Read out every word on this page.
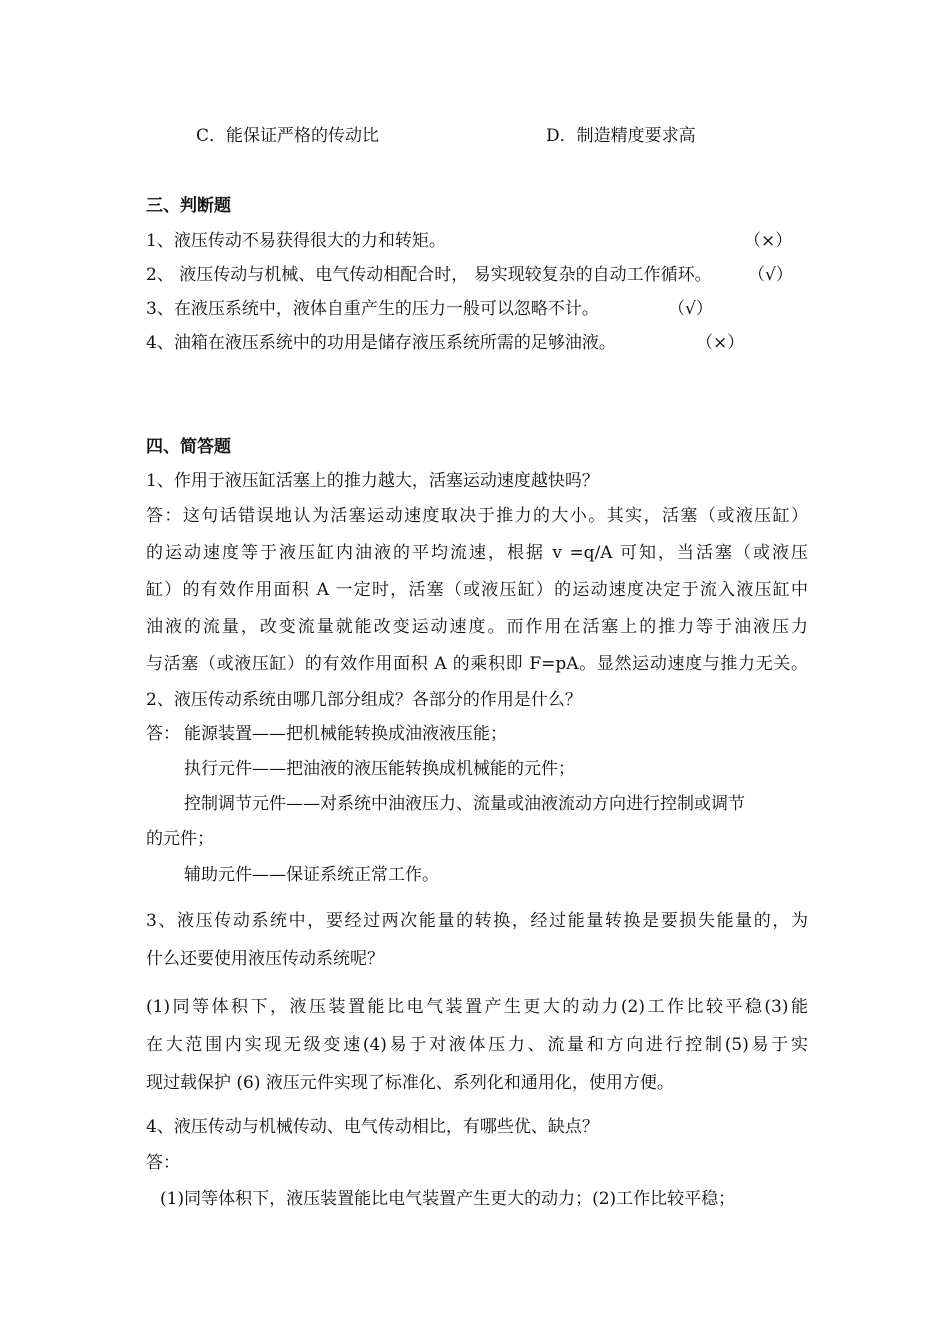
C．能保证严格的传动比	D．制造精度要求高
三、判断题
1、液压传动不易获得很大的力和转矩。	（×）
2、 液压传动与机械、电气传动相配合时， 易实现较复杂的自动工作循环。 （√）
3、在液压系统中，液体自重产生的压力一般可以忽略不计。	（√）
4、油箱在液压系统中的功用是储存液压系统所需的足够油液。	（×）
四、简答题
1、作用于液压缸活塞上的推力越大，活塞运动速度越快吗？
答：这句话错误地认为活塞运动速度取决于推力的大小。其实，活塞（或液压缸）
的运动速度等于液压缸内油液的平均流速，根据 v =q/A 可知，当活塞（或液压
缸）的有效作用面积 A 一定时，活塞（或液压缸）的运动速度决定于流入液压缸中
油液的流量，改变流量就能改变运动速度。而作用在活塞上的推力等于油液压力
与活塞（或液压缸）的有效作用面积 A 的乘积即 F=pA。显然运动速度与推力无关。
2、液压传动系统由哪几部分组成？各部分的作用是什么？
答： 能源装置——把机械能转换成油液液压能；
执行元件——把油液的液压能转换成机械能的元件；
控制调节元件——对系统中油液压力、流量或油液流动方向进行控制或调节
的元件；
辅助元件——保证系统正常工作。
3、液压传动系统中，要经过两次能量的转换，经过能量转换是要损失能量的，为
什么还要使用液压传动系统呢？
(1)同等体积下，液压装置能比电气装置产生更大的动力(2)工作比较平稳(3)能
在大范围内实现无级变速(4)易于对液体压力、流量和方向进行控制(5)易于实
现过载保护 (6) 液压元件实现了标准化、系列化和通用化，使用方便。
4、液压传动与机械传动、电气传动相比，有哪些优、缺点？
答：
(1)同等体积下，液压装置能比电气装置产生更大的动力；(2)工作比较平稳；
